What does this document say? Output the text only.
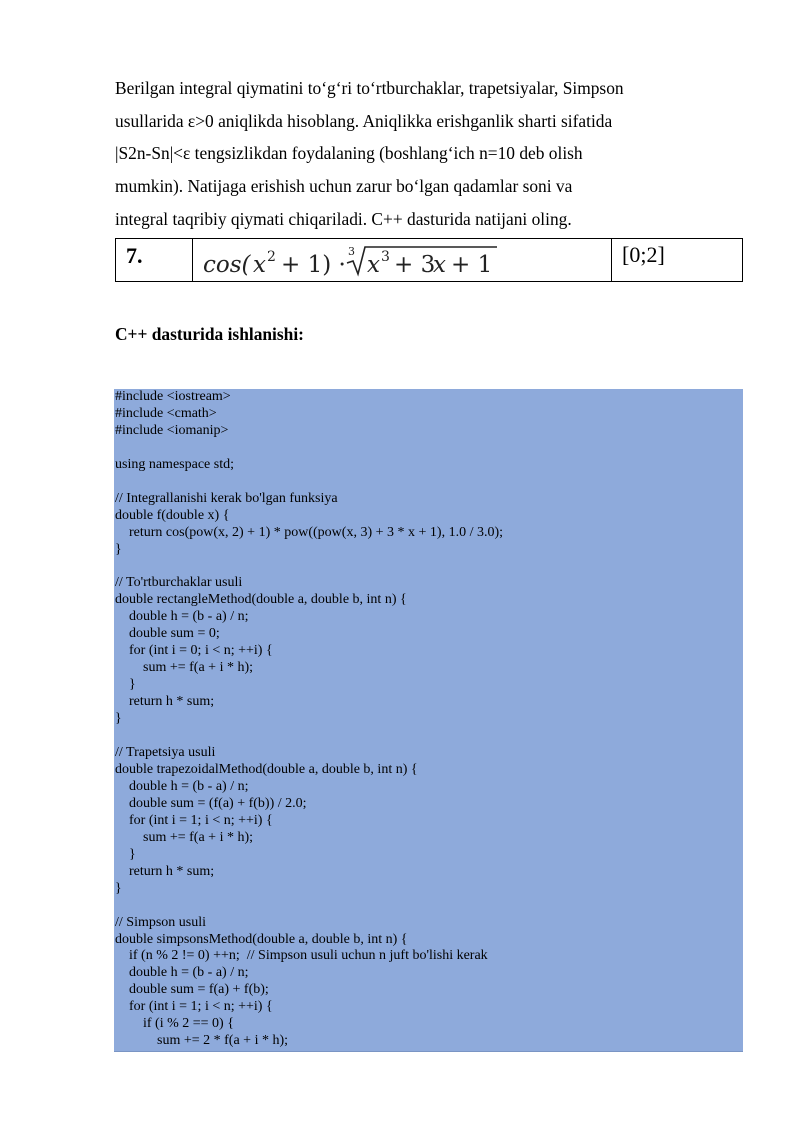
Berilgan integral qiymatini to‘g‘ri to‘rtburchaklar, trapetsiyalar, Simpson
usullarida ε>0 aniqlikda hisoblang. Aniqlikka erishganlik sharti sifatida
|S2n-Sn|<ε tengsizlikdan foydalaning (boshlang‘ich n=10 deb olish
mumkin). Natijaga erishish uchun zarur bo‘lgan qadamlar soni va
integral taqribiy qiymati chiqariladi. C++ dasturida natijani oling.
7.	cos( x 2 + 1) ·
3
x 3 + 3
x + 1	[0;2]
C++ dasturida ishlanishi:
#include <iostream>
#include <cmath>
#include <iomanip>
using namespace std;
// Integrallanishi kerak bo'lgan funksiya
double f(double x) {
return cos(pow(x, 2) + 1) * pow((pow(x, 3) + 3 * x + 1), 1.0 / 3.0);
}
// To'rtburchaklar usuli
double rectangleMethod(double a, double b, int n) {
double h = (b - a) / n;
double sum = 0;
for (int i = 0; i < n; ++i) {
sum += f(a + i * h);
}
return h * sum;
}
// Trapetsiya usuli
double trapezoidalMethod(double a, double b, int n) {
double h = (b - a) / n;
double sum = (f(a) + f(b)) / 2.0;
for (int i = 1; i < n; ++i) {
sum += f(a + i * h);
}
return h * sum;
}
// Simpson usuli
double simpsonsMethod(double a, double b, int n) {
if (n % 2 != 0) ++n;  // Simpson usuli uchun n juft bo'lishi kerak
double h = (b - a) / n;
double sum = f(a) + f(b);
for (int i = 1; i < n; ++i) {
if (i % 2 == 0) {
sum += 2 * f(a + i * h);
